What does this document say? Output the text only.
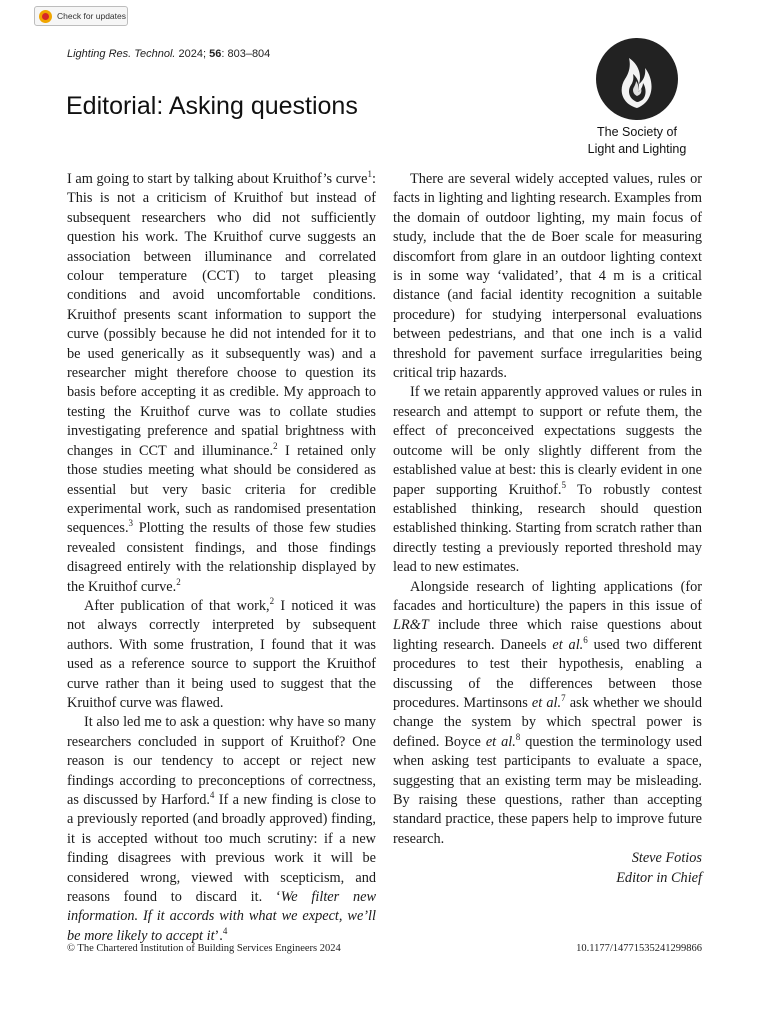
Check for updates
Lighting Res. Technol. 2024; 56: 803–804
Editorial: Asking questions
The Society of
Light and Lighting

I am going to start by talking about Kruithof’s curve$^1$: This is not a criticism of Kruithof but instead of subsequent researchers who did not sufficiently question his work. The Kruithof curve suggests an association between illuminance and correlated colour temperature (CCT) to target pleasing conditions and avoid uncomfortable conditions. Kruithof presents scant information to support the curve (possibly because he did not intended for it to be used generically as it subsequently was) and a researcher might therefore choose to question its basis before accepting it as credible. My approach to testing the Kruithof curve was to collate studies investigating preference and spatial brightness with changes in CCT and illuminance.$^2$ I retained only those studies meeting what should be considered as essential but very basic criteria for credible experimental work, such as randomised presentation sequences.$^3$ Plotting the results of those few studies revealed consistent findings, and those findings disagreed entirely with the relationship displayed by the Kruithof curve.$^2$

After publication of that work,$^2$ I noticed it was not always correctly interpreted by subsequent authors. With some frustration, I found that it was used as a reference source to support the Kruithof curve rather than it being used to suggest that the Kruithof curve was flawed.

It also led me to ask a question: why have so many researchers concluded in support of Kruithof? One reason is our tendency to accept or reject new findings according to preconceptions of correctness, as discussed by Harford.$^4$ If a new finding is close to a previously reported (and broadly approved) finding, it is accepted without too much scrutiny: if a new finding disagrees with previous work it will be considered wrong, viewed with scepticism, and reasons found to discard it. ‘We filter new information. If it accords with what we expect, we’ll be more likely to accept it’.$^4$

There are several widely accepted values, rules or facts in lighting and lighting research. Examples from the domain of outdoor lighting, my main focus of study, include that the de Boer scale for measuring discomfort from glare in an outdoor lighting context is in some way ‘validated’, that 4 m is a critical distance (and facial identity recognition a suitable procedure) for studying interpersonal evaluations between pedestrians, and that one inch is a valid threshold for pavement surface irregularities being critical trip hazards.

If we retain apparently approved values or rules in research and attempt to support or refute them, the effect of preconceived expectations suggests the outcome will be only slightly different from the established value at best: this is clearly evident in one paper supporting Kruithof.$^5$ To robustly contest established thinking, research should question established thinking. Starting from scratch rather than directly testing a previously reported threshold may lead to new estimates.

Alongside research of lighting applications (for facades and horticulture) the papers in this issue of LR&T include three which raise questions about lighting research. Daneels et al.$^6$ used two different procedures to test their hypothesis, enabling a discussing of the differences between those procedures. Martinsons et al.$^7$ ask whether we should change the system by which spectral power is defined. Boyce et al.$^8$ question the terminology used when asking test participants to evaluate a space, suggesting that an existing term may be misleading. By raising these questions, rather than accepting standard practice, these papers help to improve future research.

Steve Fotios

Editor in Chief

© The Chartered Institution of Building Services Engineers 2024	10.1177/14771535241299866
